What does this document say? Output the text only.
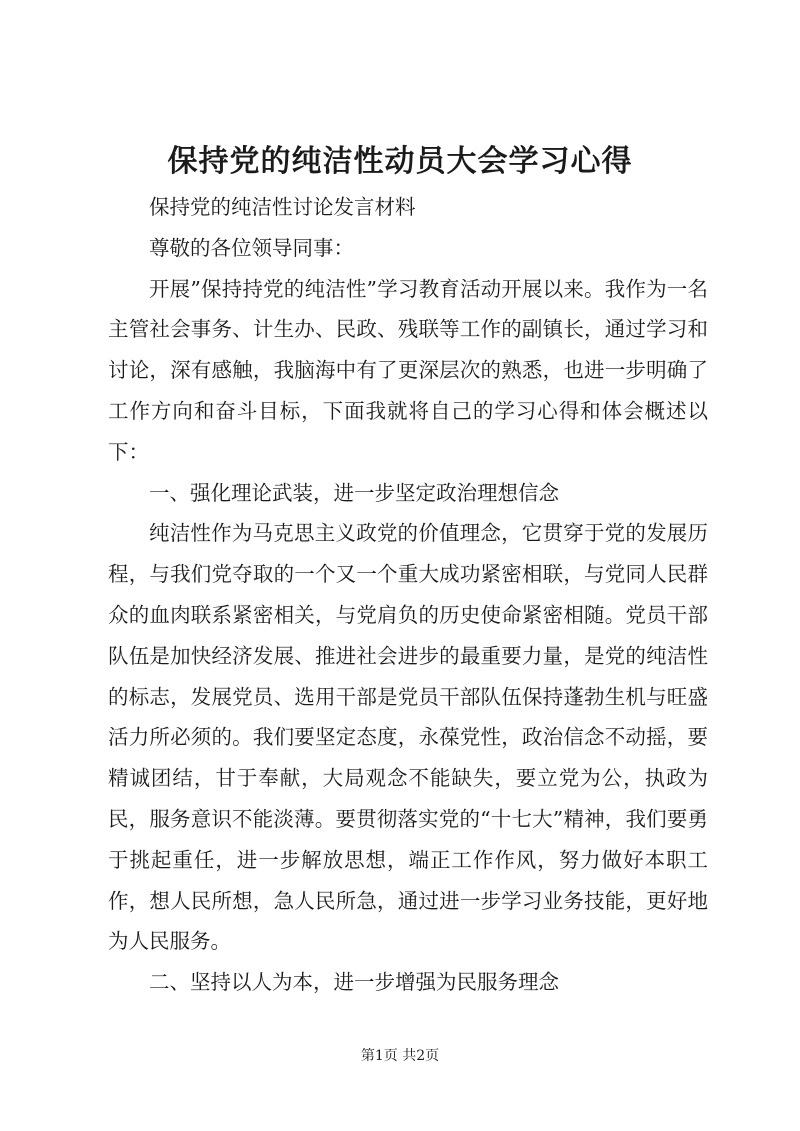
保持党的纯洁性动员大会学习心得

保持党的纯洁性讨论发言材料

尊敬的各位领导同事：

开展”保持持党的纯洁性”学习教育活动开展以来。我作为一名主管社会事务、计生办、民政、残联等工作的副镇长，通过学习和讨论，深有感触，我脑海中有了更深层次的熟悉，也进一步明确了工作方向和奋斗目标，下面我就将自己的学习心得和体会概述以下：

一、强化理论武装，进一步坚定政治理想信念

纯洁性作为马克思主义政党的价值理念，它贯穿于党的发展历程，与我们党夺取的一个又一个重大成功紧密相联，与党同人民群众的血肉联系紧密相关，与党肩负的历史使命紧密相随。党员干部队伍是加快经济发展、推进社会进步的最重要力量，是党的纯洁性的标志，发展党员、选用干部是党员干部队伍保持蓬勃生机与旺盛活力所必须的。我们要坚定态度，永葆党性，政治信念不动摇，要精诚团结，甘于奉献，大局观念不能缺失，要立党为公，执政为民，服务意识不能淡薄。要贯彻落实党的“十七大”精神，我们要勇于挑起重任，进一步解放思想，端正工作作风，努力做好本职工作，想人民所想，急人民所急，通过进一步学习业务技能，更好地为人民服务。

二、坚持以人为本，进一步增强为民服务理念

第1页 共2页
